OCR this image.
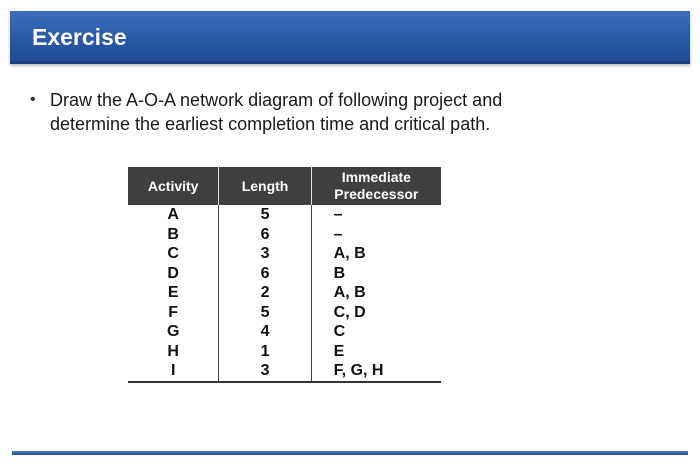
Exercise
• Draw the A-O-A network diagram of following project and
determine the earliest completion time and critical path.
Activity	Length	Immediate
Predecessor

A	5	–
B	6	–
C	3	A, B
D	6	B
E	2	A, B
F	5	C, D
G	4	C
H	1	E
I	3	F, G, H
